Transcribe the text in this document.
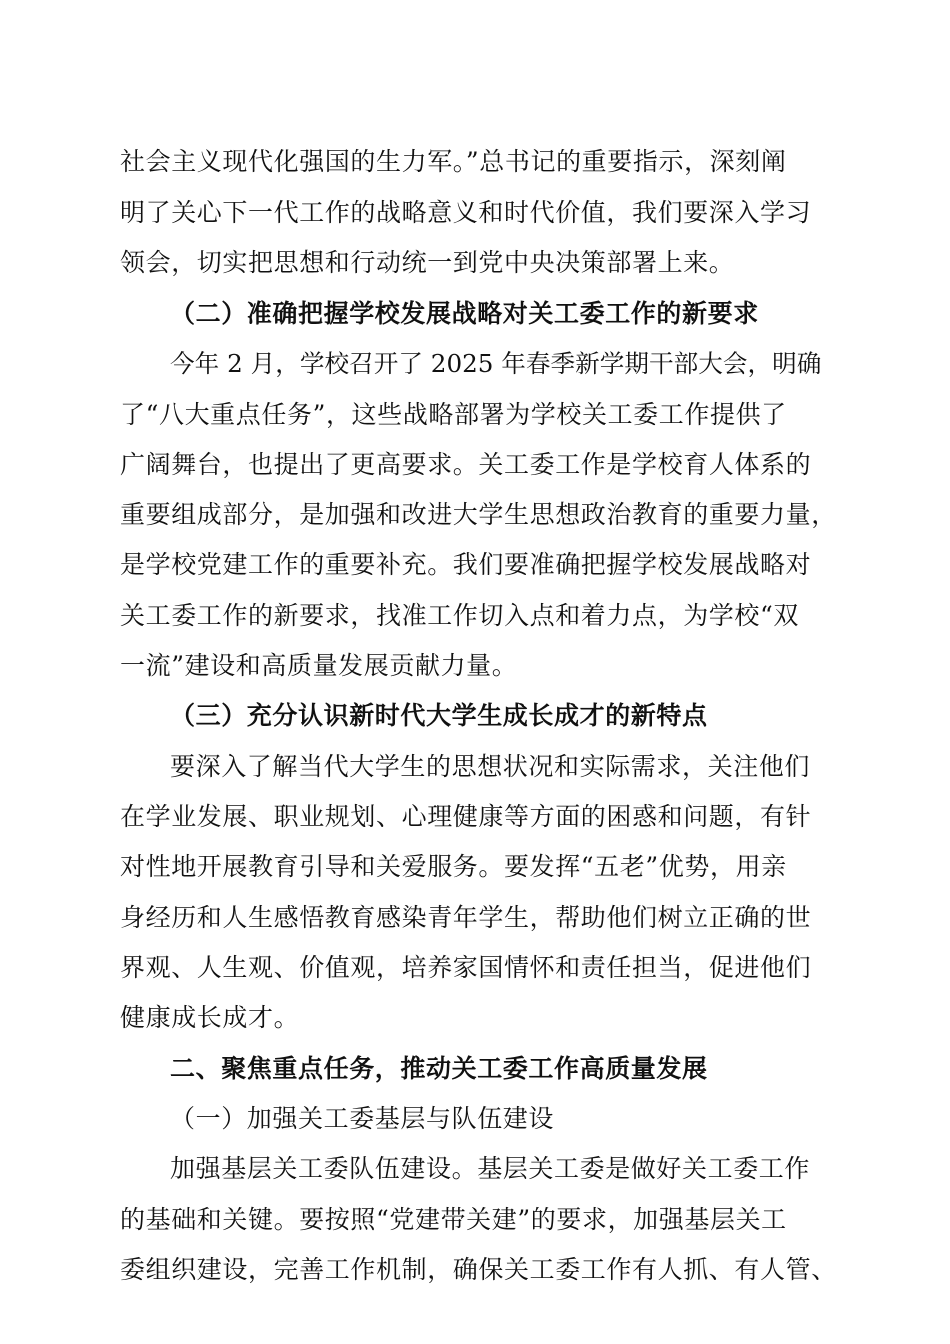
社会主义现代化强国的生力军。”总书记的重要指示，深刻阐
明了关心下一代工作的战略意义和时代价值，我们要深入学习
领会，切实把思想和行动统一到党中央决策部署上来。
（二）准确把握学校发展战略对关工委工作的新要求
今年 2 月，学校召开了 2025 年春季新学期干部大会，明确
了“八大重点任务”，这些战略部署为学校关工委工作提供了
广阔舞台，也提出了更高要求。关工委工作是学校育人体系的
重要组成部分，是加强和改进大学生思想政治教育的重要力量，
是学校党建工作的重要补充。我们要准确把握学校发展战略对
关工委工作的新要求，找准工作切入点和着力点，为学校“双
一流”建设和高质量发展贡献力量。
（三）充分认识新时代大学生成长成才的新特点
要深入了解当代大学生的思想状况和实际需求，关注他们
在学业发展、职业规划、心理健康等方面的困惑和问题，有针
对性地开展教育引导和关爱服务。要发挥“五老”优势，用亲
身经历和人生感悟教育感染青年学生，帮助他们树立正确的世
界观、人生观、价值观，培养家国情怀和责任担当，促进他们
健康成长成才。
二、聚焦重点任务，推动关工委工作高质量发展
（一）加强关工委基层与队伍建设
加强基层关工委队伍建设。基层关工委是做好关工委工作
的基础和关键。要按照“党建带关建”的要求，加强基层关工
委组织建设，完善工作机制，确保关工委工作有人抓、有人管、
